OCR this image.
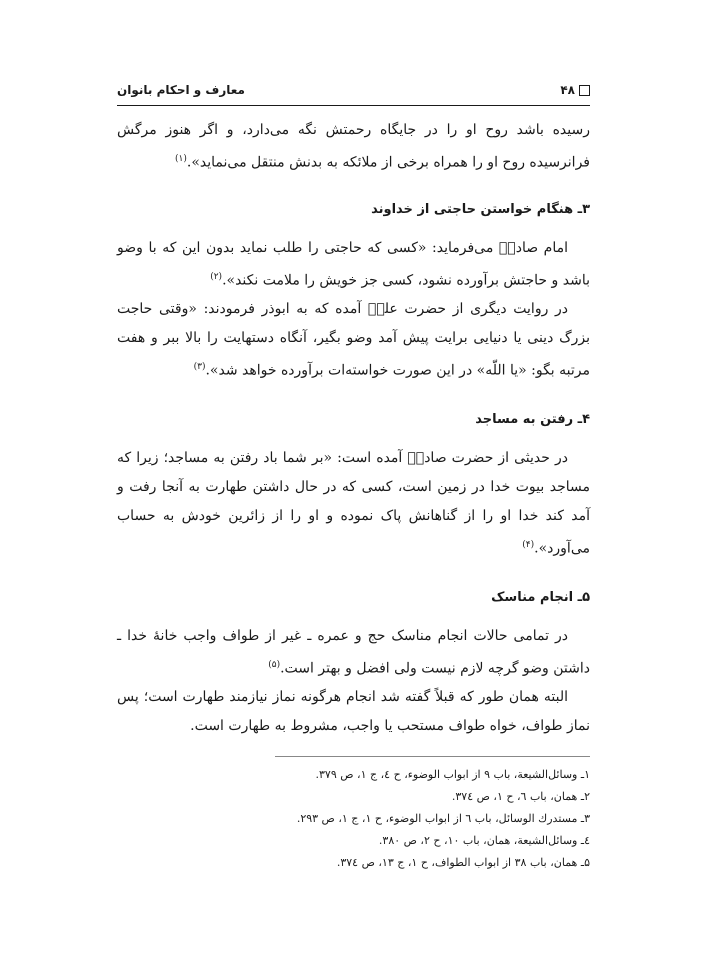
۴۸
معارف و احکام بانوان

رسیده باشد روح او را در جایگاه رحمتش نگه می‌دارد، و اگر هنوز مرگش فرانرسیده روح او را همراه برخی از ملائکه به بدنش منتقل می‌نماید».$^{(۱)}$

۳ـ هنگام خواستن حاجتی از خداوند

امام صادقؑ می‌فرماید: «کسی که حاجتی را طلب نماید بدون این که با وضو باشد و حاجتش برآورده نشود، کسی جز خویش را ملامت نکند».$^{(۲)}$

در روایت دیگری از حضرت علیؑ آمده که به ابوذر فرمودند: «وقتی حاجت بزرگ دینی یا دنیایی برایت پیش آمد وضو بگیر، آنگاه دستهایت را بالا ببر و هفت مرتبه بگو: «یا اللّه» در این صورت خواسته‌ات برآورده خواهد شد».$^{(۳)}$

۴ـ رفتن به مساجد

در حدیثی از حضرت صادقؑ آمده است: «بر شما باد رفتن به مساجد؛ زیرا که مساجد بیوت خدا در زمین است، کسی که در حال داشتن طهارت به آنجا رفت و آمد کند خدا او را از گناهانش پاک نموده و او را از زائرین خودش به حساب می‌آورد».$^{(۴)}$

۵ـ انجام مناسک

در تمامی حالات انجام مناسک حج و عمره ـ غیر از طواف واجب خانهٔ خدا ـ داشتن وضو گرچه لازم نیست ولی افضل و بهتر است.$^{(۵)}$

البته همان طور که قبلاً گفته شد انجام هرگونه نماز نیازمند طهارت است؛ پس نماز طواف، خواه طواف مستحب یا واجب، مشروط به طهارت است.

۱ـ وسائل‌الشیعة، باب ۹ از ابواب الوضوء، ح ٤، ج ۱، ص ۳۷۹.

۲ـ همان، باب ٦، ح ۱، ص ۳۷٤.

۳ـ مستدرك الوسائل، باب ٦ از ابواب الوضوء، ح ۱، ج ۱، ص ۲۹۳.

٤ـ وسائل‌الشیعة، همان، باب ۱۰، ح ۲، ص ۳۸۰.

۵ـ همان، باب ۳۸ از ابواب الطواف، ح ۱، ج ۱۳، ص ۳۷٤.
